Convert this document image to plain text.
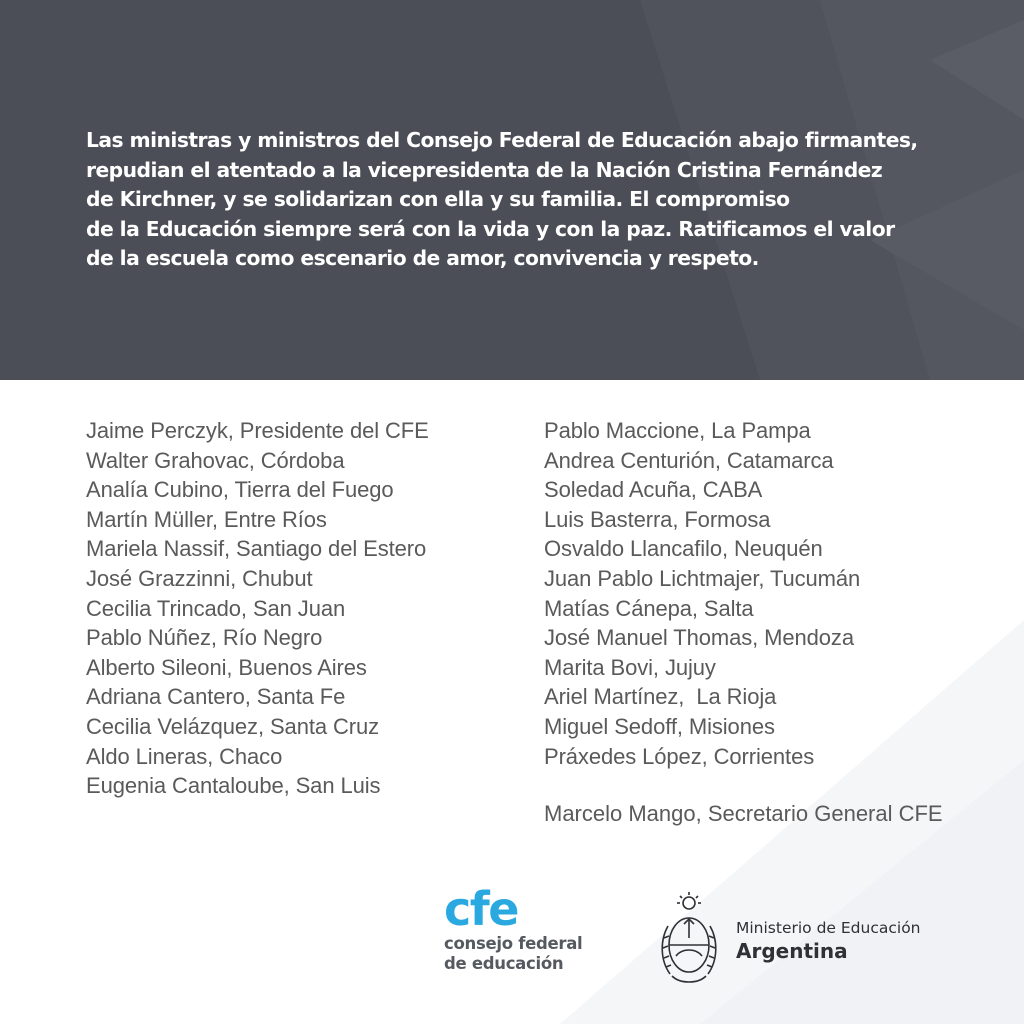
Las ministras y ministros del Consejo Federal de Educación abajo firmantes,
repudian el atentado a la vicepresidenta de la Nación Cristina Fernández
de Kirchner, y se solidarizan con ella y su familia. El compromiso
de la Educación siempre será con la vida y con la paz. Ratificamos el valor
de la escuela como escenario de amor, convivencia y respeto.

Jaime Perczyk, Presidente del CFE
Walter Grahovac, Córdoba
Analía Cubino, Tierra del Fuego
Martín Müller, Entre Ríos
Mariela Nassif, Santiago del Estero
José Grazzinni, Chubut
Cecilia Trincado, San Juan
Pablo Núñez, Río Negro
Alberto Sileoni, Buenos Aires
Adriana Cantero, Santa Fe
Cecilia Velázquez, Santa Cruz
Aldo Lineras, Chaco
Eugenia Cantaloube, San Luis
Pablo Maccione, La Pampa
Andrea Centurión, Catamarca
Soledad Acuña, CABA
Luis Basterra, Formosa
Osvaldo Llancafilo, Neuquén
Juan Pablo Lichtmajer, Tucumán
Matías Cánepa, Salta
José Manuel Thomas, Mendoza
Marita Bovi, Jujuy
Ariel Martínez,  La Rioja
Miguel Sedoff, Misiones
Práxedes López, Corrientes
Marcelo Mango, Secretario General CFE
cfe
consejo federal
de educación
Ministerio de Educación
Argentina
